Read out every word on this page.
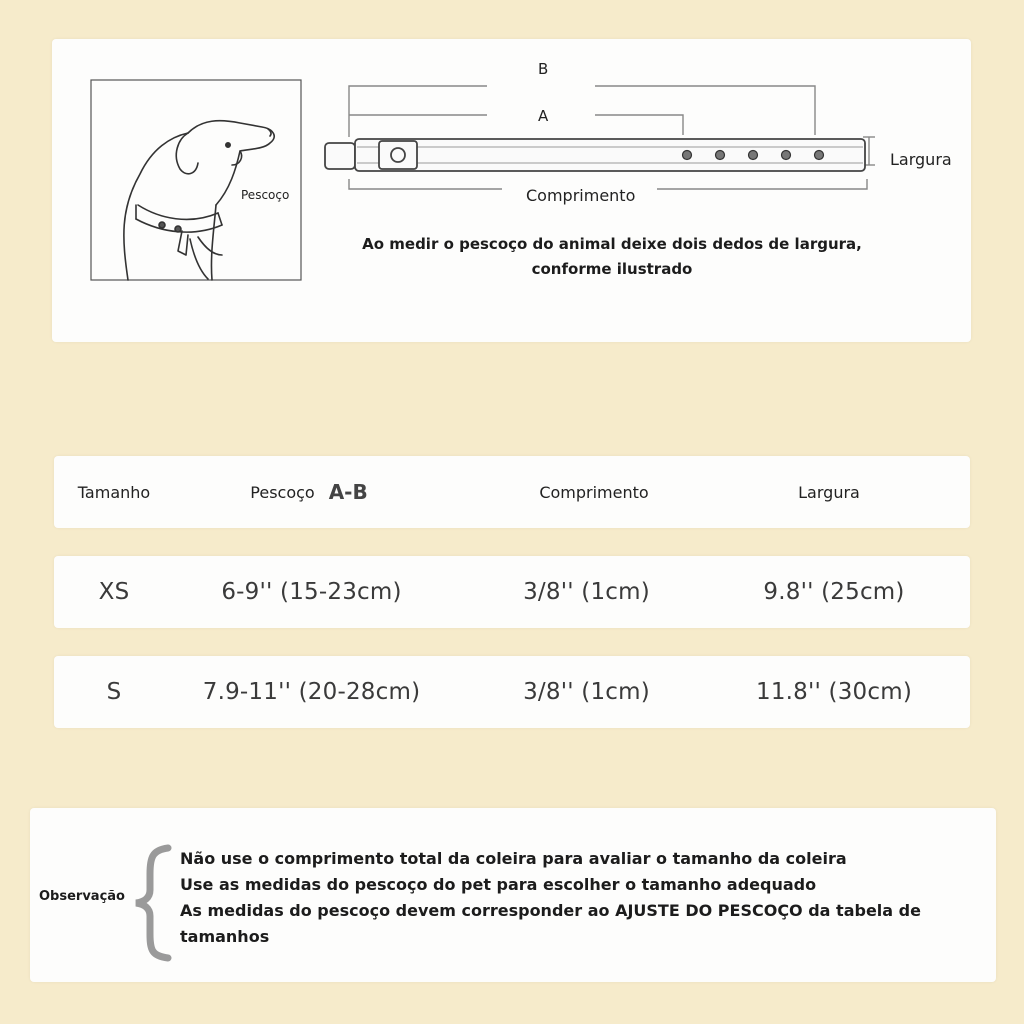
B
A
Largura
Comprimento
Pescoço
Ao medir o pescoço do animal deixe dois dedos de largura,
conforme ilustrado
Tamanho	Pescoço A-B	Comprimento	Largura
XS	6-9'' (15-23cm)	3/8'' (1cm)	9.8'' (25cm)
S	7.9-11'' (20-28cm)	3/8'' (1cm)	11.8'' (30cm)
Observação
Não use o comprimento total da coleira para avaliar o tamanho da coleira
Use as medidas do pescoço do pet para escolher o tamanho adequado
As medidas do pescoço devem corresponder ao AJUSTE DO PESCOÇO da tabela de tamanhos
